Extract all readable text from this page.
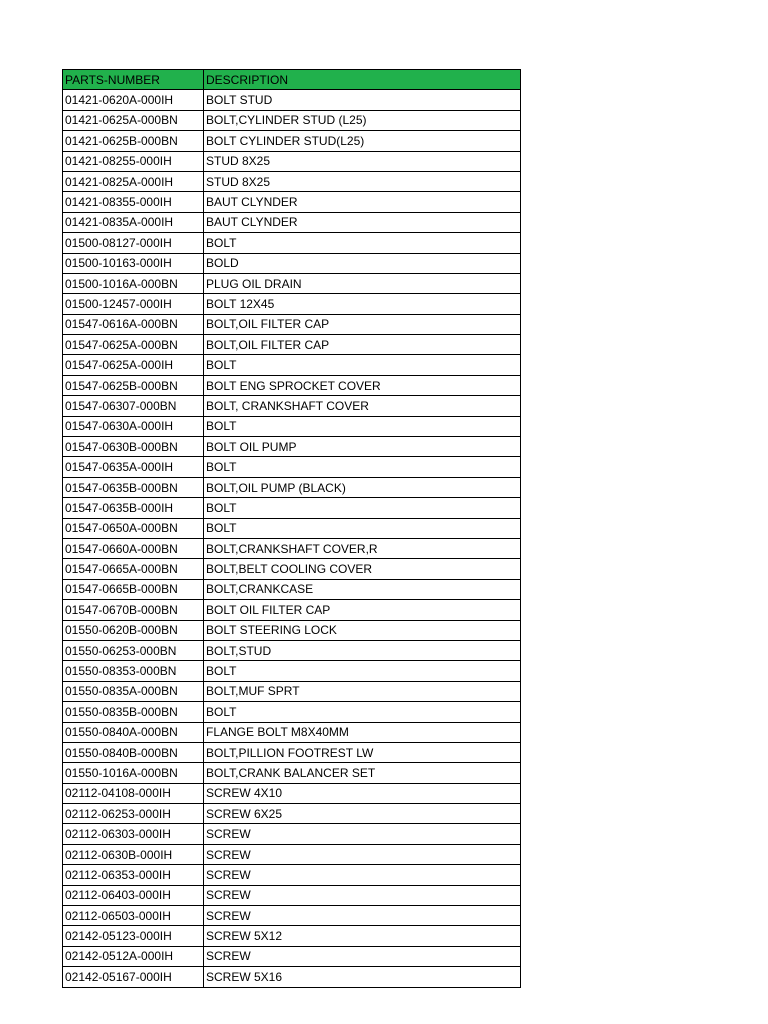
PARTS-NUMBER	DESCRIPTION
01421-0620A-000IH	BOLT STUD
01421-0625A-000BN	BOLT,CYLINDER STUD (L25)
01421-0625B-000BN	BOLT CYLINDER STUD(L25)
01421-08255-000IH	STUD 8X25
01421-0825A-000IH	STUD 8X25
01421-08355-000IH	BAUT CLYNDER
01421-0835A-000IH	BAUT CLYNDER
01500-08127-000IH	BOLT
01500-10163-000IH	BOLD
01500-1016A-000BN	PLUG OIL DRAIN
01500-12457-000IH	BOLT 12X45
01547-0616A-000BN	BOLT,OIL FILTER CAP
01547-0625A-000BN	BOLT,OIL FILTER CAP
01547-0625A-000IH	BOLT
01547-0625B-000BN	BOLT ENG SPROCKET COVER
01547-06307-000BN	BOLT, CRANKSHAFT COVER
01547-0630A-000IH	BOLT
01547-0630B-000BN	BOLT OIL PUMP
01547-0635A-000IH	BOLT
01547-0635B-000BN	BOLT,OIL PUMP (BLACK)
01547-0635B-000IH	BOLT
01547-0650A-000BN	BOLT
01547-0660A-000BN	BOLT,CRANKSHAFT COVER,R
01547-0665A-000BN	BOLT,BELT COOLING COVER
01547-0665B-000BN	BOLT,CRANKCASE
01547-0670B-000BN	BOLT OIL FILTER CAP
01550-0620B-000BN	BOLT STEERING LOCK
01550-06253-000BN	BOLT,STUD
01550-08353-000BN	BOLT
01550-0835A-000BN	BOLT,MUF SPRT
01550-0835B-000BN	BOLT
01550-0840A-000BN	FLANGE BOLT M8X40MM
01550-0840B-000BN	BOLT,PILLION FOOTREST LW
01550-1016A-000BN	BOLT,CRANK BALANCER SET
02112-04108-000IH	SCREW 4X10
02112-06253-000IH	SCREW 6X25
02112-06303-000IH	SCREW
02112-0630B-000IH	SCREW
02112-06353-000IH	SCREW
02112-06403-000IH	SCREW
02112-06503-000IH	SCREW
02142-05123-000IH	SCREW 5X12
02142-0512A-000IH	SCREW
02142-05167-000IH	SCREW 5X16
